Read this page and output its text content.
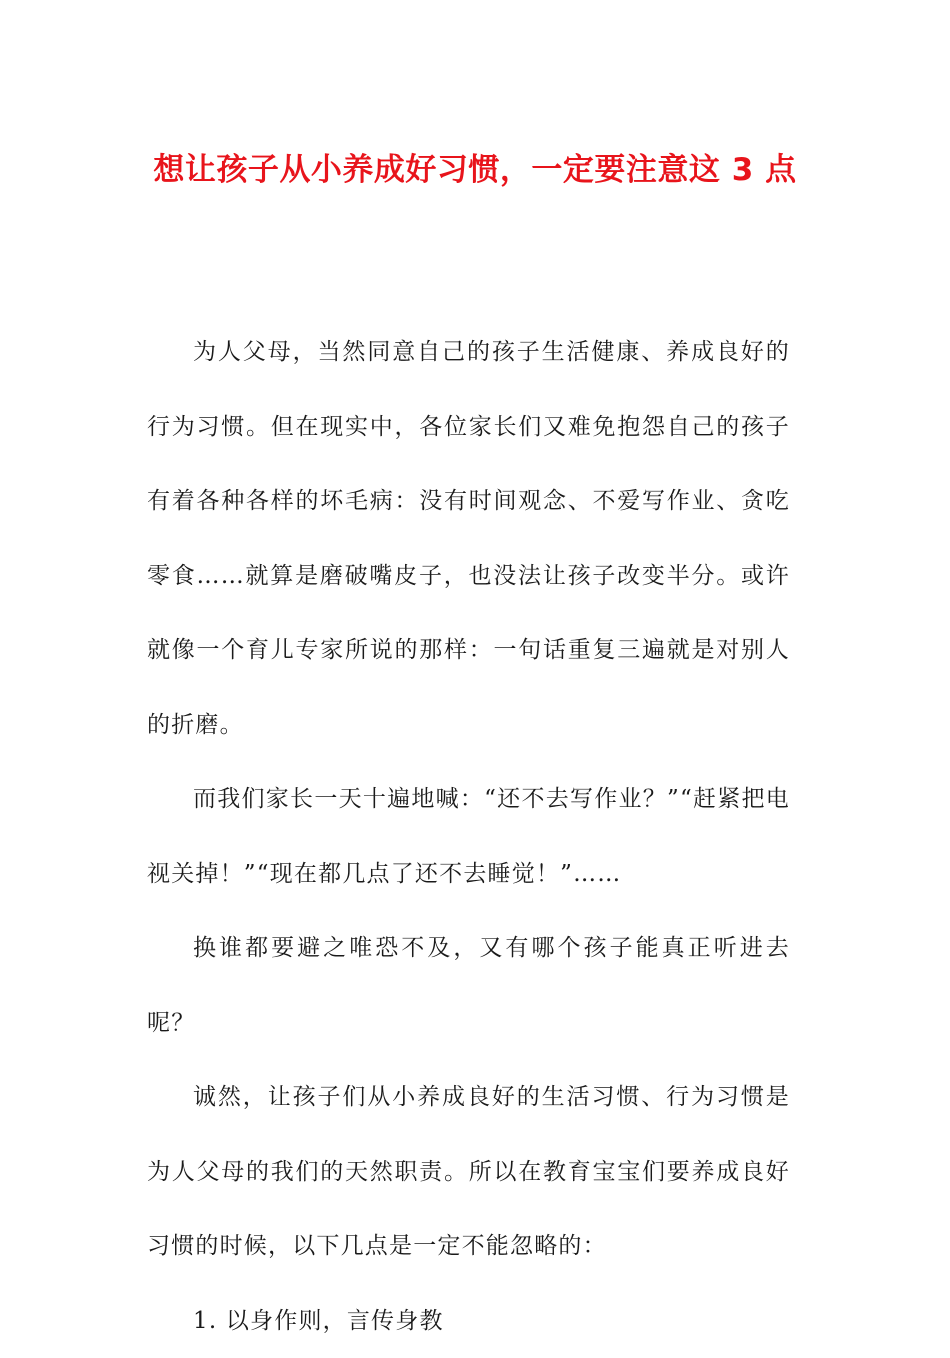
想让孩子从小养成好习惯，一定要注意这 3 点

为人父母，当然同意自己的孩子生活健康、养成良好的行为习惯。但在现实中，各位家长们又难免抱怨自己的孩子有着各种各样的坏毛病：没有时间观念、不爱写作业、贪吃零食……就算是磨破嘴皮子，也没法让孩子改变半分。或许就像一个育儿专家所说的那样：一句话重复三遍就是对别人的折磨。

而我们家长一天十遍地喊：“还不去写作业？”“赶紧把电视关掉！”“现在都几点了还不去睡觉！”……

换谁都要避之唯恐不及，又有哪个孩子能真正听进去呢？

诚然，让孩子们从小养成良好的生活习惯、行为习惯是为人父母的我们的天然职责。所以在教育宝宝们要养成良好习惯的时候，以下几点是一定不能忽略的：

1. 以身作则，言传身教
